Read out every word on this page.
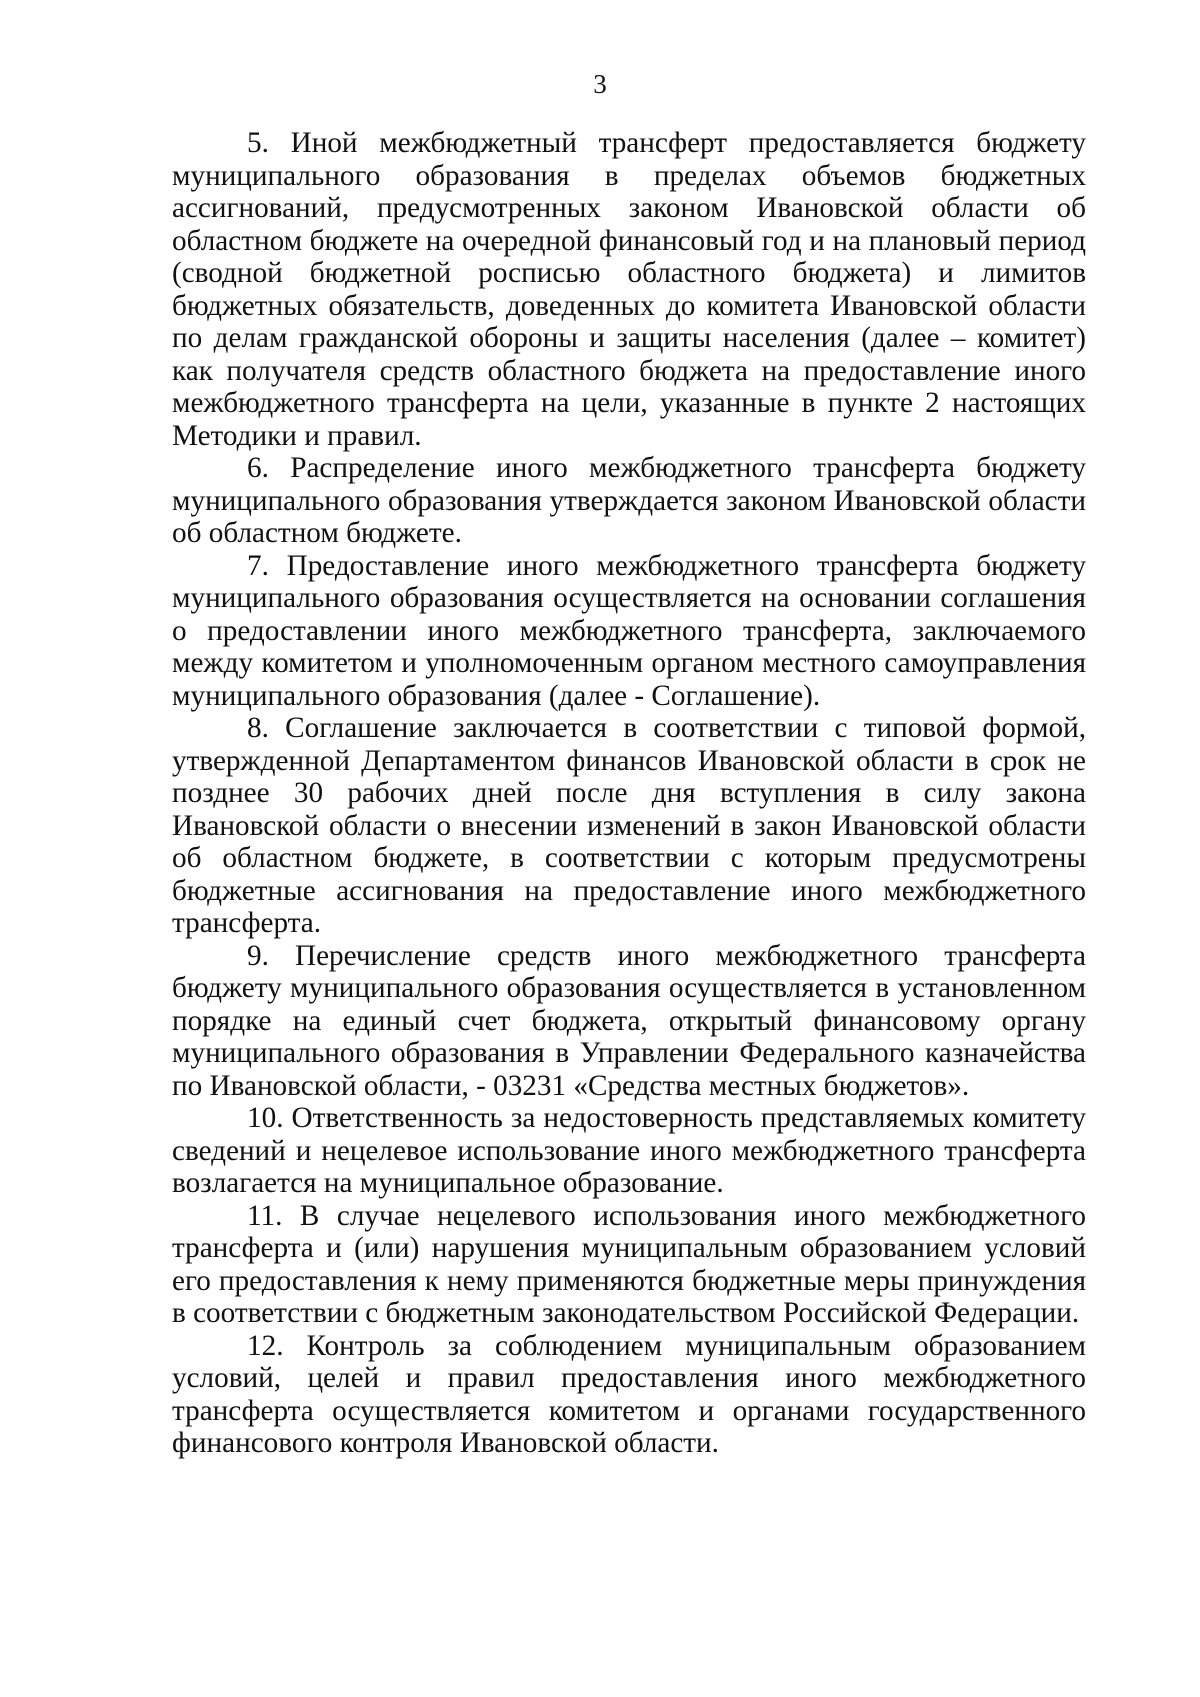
3

5. Иной межбюджетный трансферт предоставляется бюджету муниципального образования в пределах объемов бюджетных ассигнований, предусмотренных законом Ивановской области об областном бюджете на очередной финансовый год и на плановый период (сводной бюджетной росписью областного бюджета) и лимитов бюджетных обязательств, доведенных до комитета Ивановской области по делам гражданской обороны и защиты населения (далее – комитет) как получателя средств областного бюджета на предоставление иного межбюджетного трансферта на цели, указанные в пункте 2 настоящих Методики и правил.

6. Распределение иного межбюджетного трансферта бюджету муниципального образования утверждается законом Ивановской области об областном бюджете.

7. Предоставление иного межбюджетного трансферта бюджету муниципального образования осуществляется на основании соглашения о предоставлении иного межбюджетного трансферта, заключаемого между комитетом и уполномоченным органом местного самоуправления муниципального образования (далее - Соглашение).

8. Соглашение заключается в соответствии с типовой формой, утвержденной Департаментом финансов Ивановской области в срок не позднее 30 рабочих дней после дня вступления в силу закона Ивановской области о внесении изменений в закон Ивановской области об областном бюджете, в соответствии с которым предусмотрены бюджетные ассигнования на предоставление иного межбюджетного трансферта.

9. Перечисление средств иного межбюджетного трансферта бюджету муниципального образования осуществляется в установленном порядке на единый счет бюджета, открытый финансовому органу муниципального образования в Управлении Федерального казначейства по Ивановской области, - 03231 «Средства местных бюджетов».

10. Ответственность за недостоверность представляемых комитету сведений и нецелевое использование иного межбюджетного трансферта возлагается на муниципальное образование.

11. В случае нецелевого использования иного межбюджетного трансферта и (или) нарушения муниципальным образованием условий его предоставления к нему применяются бюджетные меры принуждения в соответствии с бюджетным законодательством Российской Федерации.

12. Контроль за соблюдением муниципальным образованием условий, целей и правил предоставления иного межбюджетного трансферта осуществляется комитетом и органами государственного финансового контроля Ивановской области.
